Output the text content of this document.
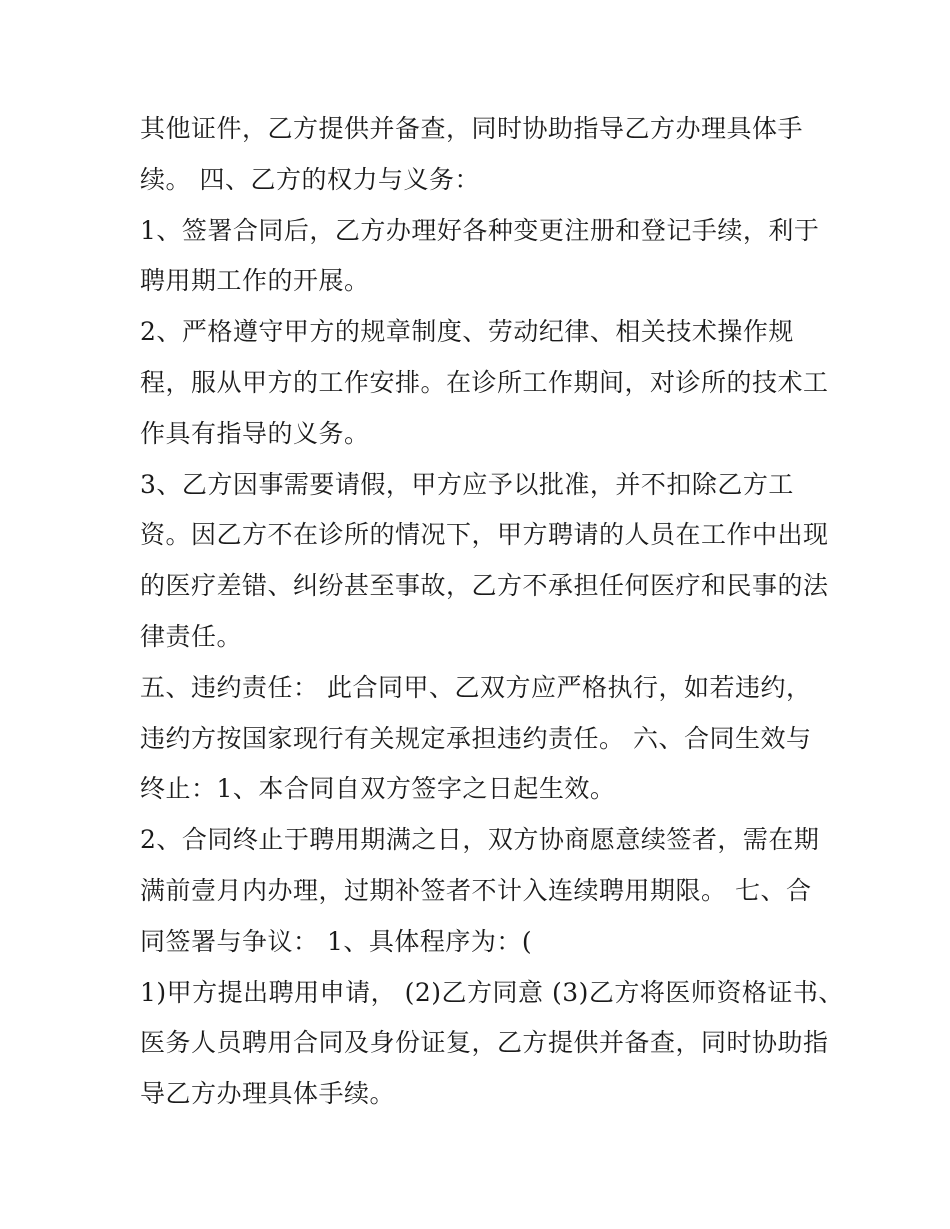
其他证件，乙方提供并备查，同时协助指导乙方办理具体手
续。 四、乙方的权力与义务：
1、签署合同后，乙方办理好各种变更注册和登记手续，利于
聘用期工作的开展。
2、严格遵守甲方的规章制度、劳动纪律、相关技术操作规
程，服从甲方的工作安排。在诊所工作期间，对诊所的技术工
作具有指导的义务。
3、乙方因事需要请假，甲方应予以批准，并不扣除乙方工
资。因乙方不在诊所的情况下，甲方聘请的人员在工作中出现
的医疗差错、纠纷甚至事故，乙方不承担任何医疗和民事的法
律责任。
五、违约责任： 此合同甲、乙双方应严格执行，如若违约，
违约方按国家现行有关规定承担违约责任。 六、合同生效与
终止：1、本合同自双方签字之日起生效。
2、合同终止于聘用期满之日，双方协商愿意续签者，需在期
满前壹月内办理，过期补签者不计入连续聘用期限。 七、合
同签署与争议： 1、具体程序为：(
1)甲方提出聘用申请， (2)乙方同意 (3)乙方将医师资格证书、
医务人员聘用合同及身份证复，乙方提供并备查，同时协助指
导乙方办理具体手续。
